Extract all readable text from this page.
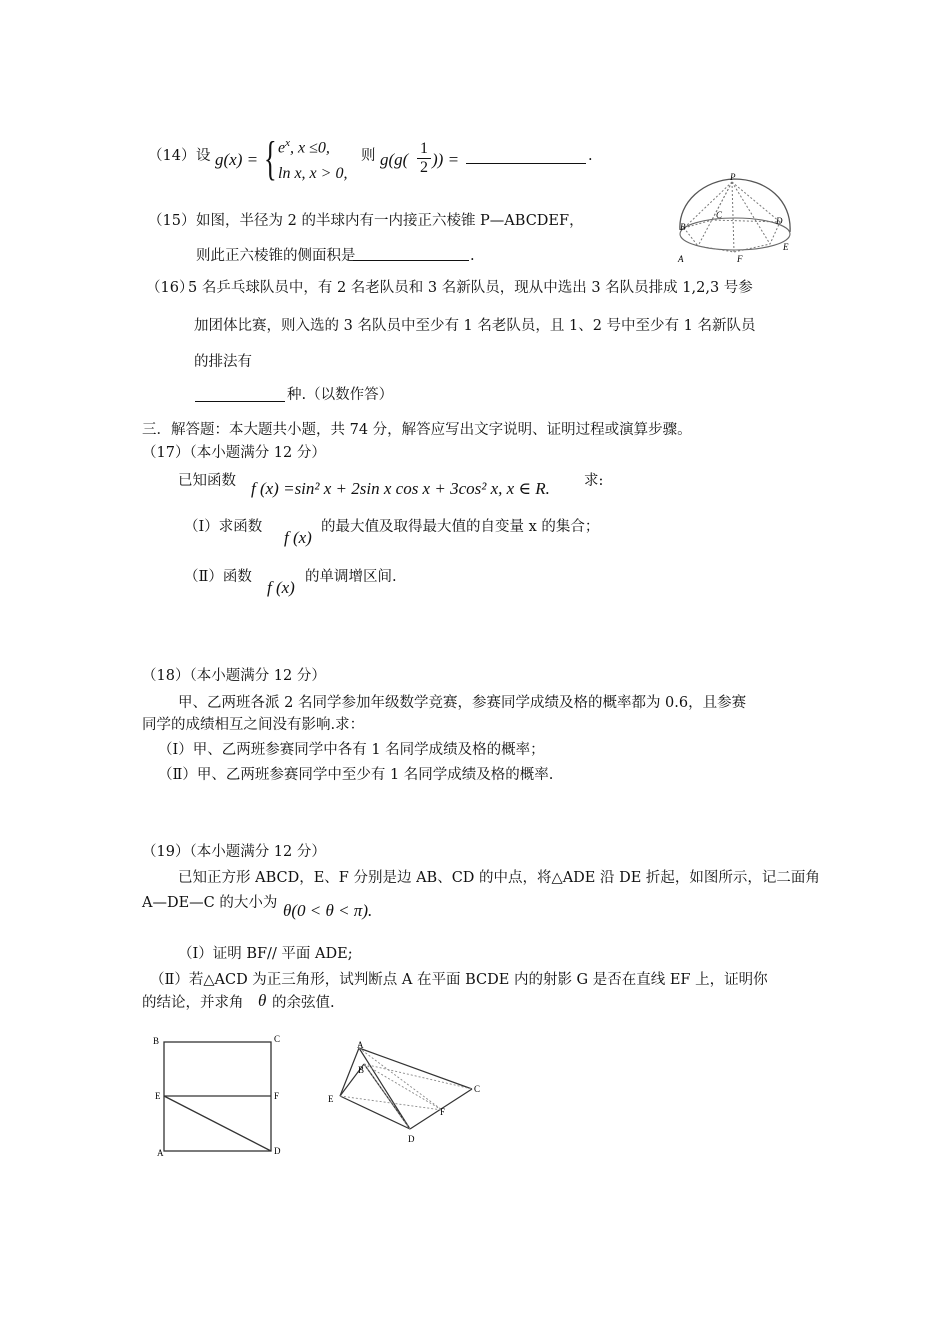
（14） 设 g(x) = { $e^x$, x ≤0,
ln x, x > 0,
则 $g(g( \frac{1}{2}$ )) =	.
（15） 如图，半径为 2 的半球内有一内接正六棱锥 P—ABCDEF，
则此正六棱锥的侧面积是	.
P
C
B
D
A
E
F
（16）
5 名乒乓球队员中，有 2 名老队员和 3 名新队员，现从中选出 3 名队员排成 1,2,3 号参
加团体比赛，则入选的 3 名队员中至少有 1 名老队员，且 1、2 号中至少有 1 名新队员
的排法有
种.（以数作答）
三．解答题：本大题共小题，共 74 分，解答应写出文字说明、证明过程或演算步骤。
（17）（本小题满分 12 分）
已知函数 f (x) =sin² x + 2sin x cos x + 3cos² x, x ∈ R. 求:
（Ⅰ）求函数
f (x)
的最大值及取得最大值的自变量 x 的集合；
（Ⅱ）函数
f (x)
的单调增区间.
（18）（本小题满分 12 分）
甲、乙两班各派 2 名同学参加年级数学竞赛，参赛同学成绩及格的概率都为 0.6，且参赛
同学的成绩相互之间没有影响.求：
（Ⅰ）甲、乙两班参赛同学中各有 1 名同学成绩及格的概率；
（Ⅱ）甲、乙两班参赛同学中至少有 1 名同学成绩及格的概率.
（19）（本小题满分 12 分）
已知正方形 ABCD，E、F 分别是边 AB、CD 的中点，将△ADE 沿 DE 折起，如图所示，记二面角
A—DE—C 的大小为 θ(0 < θ < π).
（Ⅰ）证明 BF// 平面 ADE;
（Ⅱ）若△ACD 为正三角形，试判断点 A 在平面 BCDE 内的射影 G 是否在直线 EF 上，证明你
的结论，并求角 θ 的余弦值.
B	C
E	F
A	D
A
B
C
E
F
D
